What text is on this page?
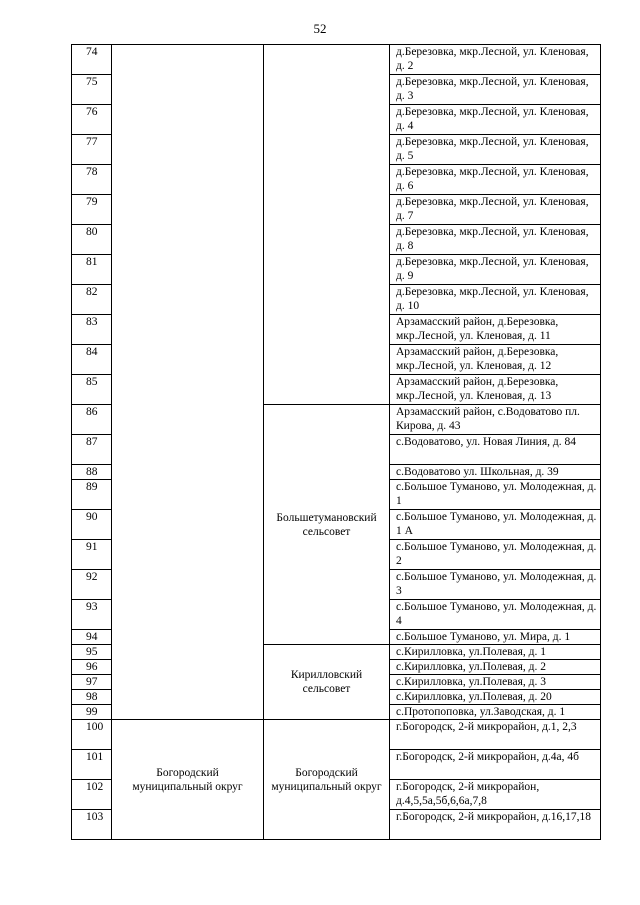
52
74			д.Березовка, мкр.Лесной, ул. Кленовая, д. 2
75			д.Березовка, мкр.Лесной, ул. Кленовая, д. 3
76			д.Березовка, мкр.Лесной, ул. Кленовая, д. 4
77			д.Березовка, мкр.Лесной, ул. Кленовая, д. 5
78			д.Березовка, мкр.Лесной, ул. Кленовая, д. 6
79			д.Березовка, мкр.Лесной, ул. Кленовая, д. 7
80			д.Березовка, мкр.Лесной, ул. Кленовая, д. 8
81			д.Березовка, мкр.Лесной, ул. Кленовая, д. 9
82			д.Березовка, мкр.Лесной, ул. Кленовая, д. 10
83			Арзамасский район, д.Березовка, мкр.Лесной, ул. Кленовая, д. 11
84			Арзамасский район, д.Березовка, мкр.Лесной, ул. Кленовая, д. 12
85			Арзамасский район, д.Березовка, мкр.Лесной, ул. Кленовая, д. 13
86		Большетумановский сельсовет	Арзамасский район, с.Водоватово пл. Кирова, д. 43
87			с.Водоватово, ул. Новая Линия, д. 84
88			с.Водоватово ул. Школьная, д. 39
89			с.Большое Туманово, ул. Молодежная, д. 1
90			с.Большое Туманово, ул. Молодежная, д. 1 А
91			с.Большое Туманово, ул. Молодежная, д. 2
92			с.Большое Туманово, ул. Молодежная, д. 3
93			с.Большое Туманово, ул. Молодежная, д. 4
94			с.Большое Туманово, ул. Мира, д. 1
95		Кирилловский сельсовет	с.Кирилловка, ул.Полевая, д. 1
96			с.Кирилловка, ул.Полевая, д. 2
97			с.Кирилловка, ул.Полевая, д. 3
98			с.Кирилловка, ул.Полевая, д. 20
99			с.Протопоповка, ул.Заводская, д. 1
100	Богородский муниципальный округ	Богородский муниципальный округ	г.Богородск, 2-й микрорайон, д.1, 2,3
101			г.Богородск, 2-й микрорайон, д.4а, 4б
102			г.Богородск, 2-й микрорайон, д.4,5,5а,5б,6,6а,7,8
103			г.Богородск, 2-й микрорайон, д.16,17,18
